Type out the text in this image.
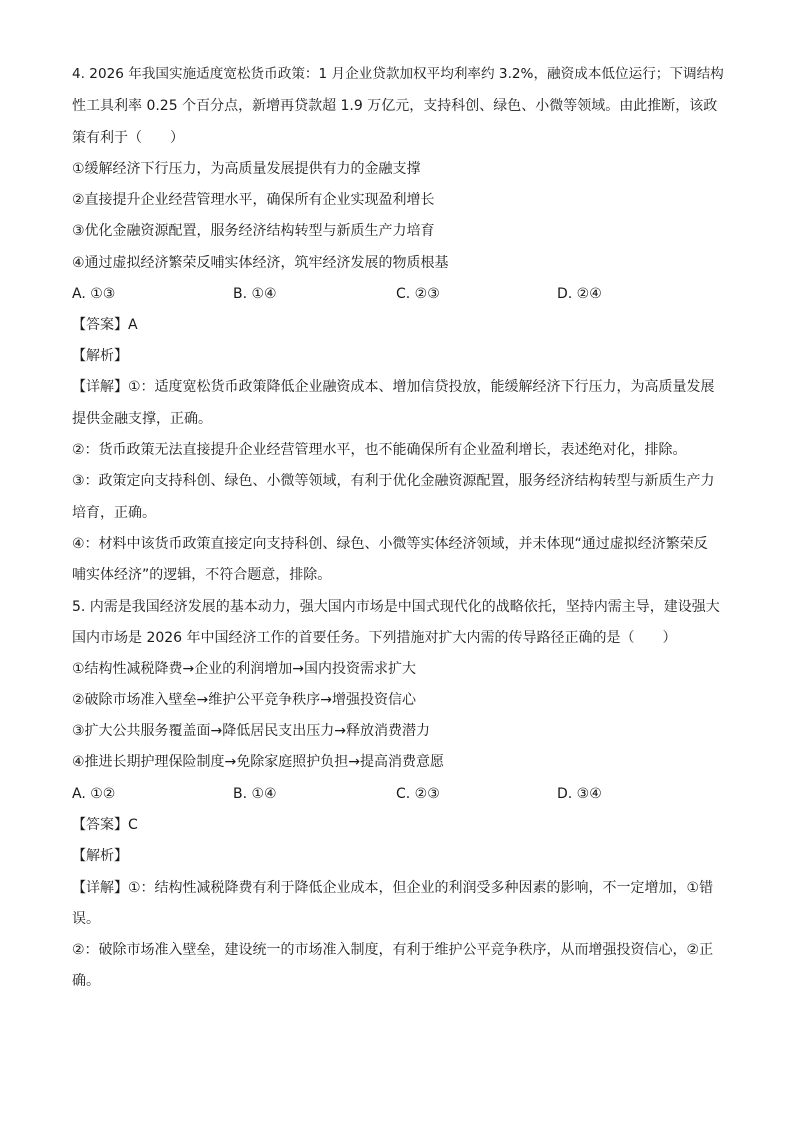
4. 2026 年我国实施适度宽松货币政策：1 月企业贷款加权平均利率约 3.2%，融资成本低位运行；下调结构
性工具利率 0.25 个百分点，新增再贷款超 1.9 万亿元，支持科创、绿色、小微等领域。由此推断，该政
策有利于（　　）
①缓解经济下行压力，为高质量发展提供有力的金融支撑
②直接提升企业经营管理水平，确保所有企业实现盈利增长
③优化金融资源配置，服务经济结构转型与新质生产力培育
④通过虚拟经济繁荣反哺实体经济，筑牢经济发展的物质根基
A. ①③	B. ①④	C. ②③	D. ②④
【答案】A
【解析】
【详解】①：适度宽松货币政策降低企业融资成本、增加信贷投放，能缓解经济下行压力，为高质量发展
提供金融支撑，正确。
②：货币政策无法直接提升企业经营管理水平，也不能确保所有企业盈利增长，表述绝对化，排除。
③：政策定向支持科创、绿色、小微等领域，有利于优化金融资源配置，服务经济结构转型与新质生产力
培育，正确。
④：材料中该货币政策直接定向支持科创、绿色、小微等实体经济领域，并未体现“通过虚拟经济繁荣反
哺实体经济”的逻辑，不符合题意，排除。
5. 内需是我国经济发展的基本动力，强大国内市场是中国式现代化的战略依托，坚持内需主导，建设强大
国内市场是 2026 年中国经济工作的首要任务。下列措施对扩大内需的传导路径正确的是（　　）
①结构性减税降费→企业的利润增加→国内投资需求扩大
②破除市场准入壁垒→维护公平竞争秩序→增强投资信心
③扩大公共服务覆盖面→降低居民支出压力→释放消费潜力
④推进长期护理保险制度→免除家庭照护负担→提高消费意愿
A. ①②	B. ①④	C. ②③	D. ③④
【答案】C
【解析】
【详解】①：结构性减税降费有利于降低企业成本，但企业的利润受多种因素的影响，不一定增加，①错
误。
②：破除市场准入壁垒，建设统一的市场准入制度，有利于维护公平竞争秩序，从而增强投资信心，②正
确。
